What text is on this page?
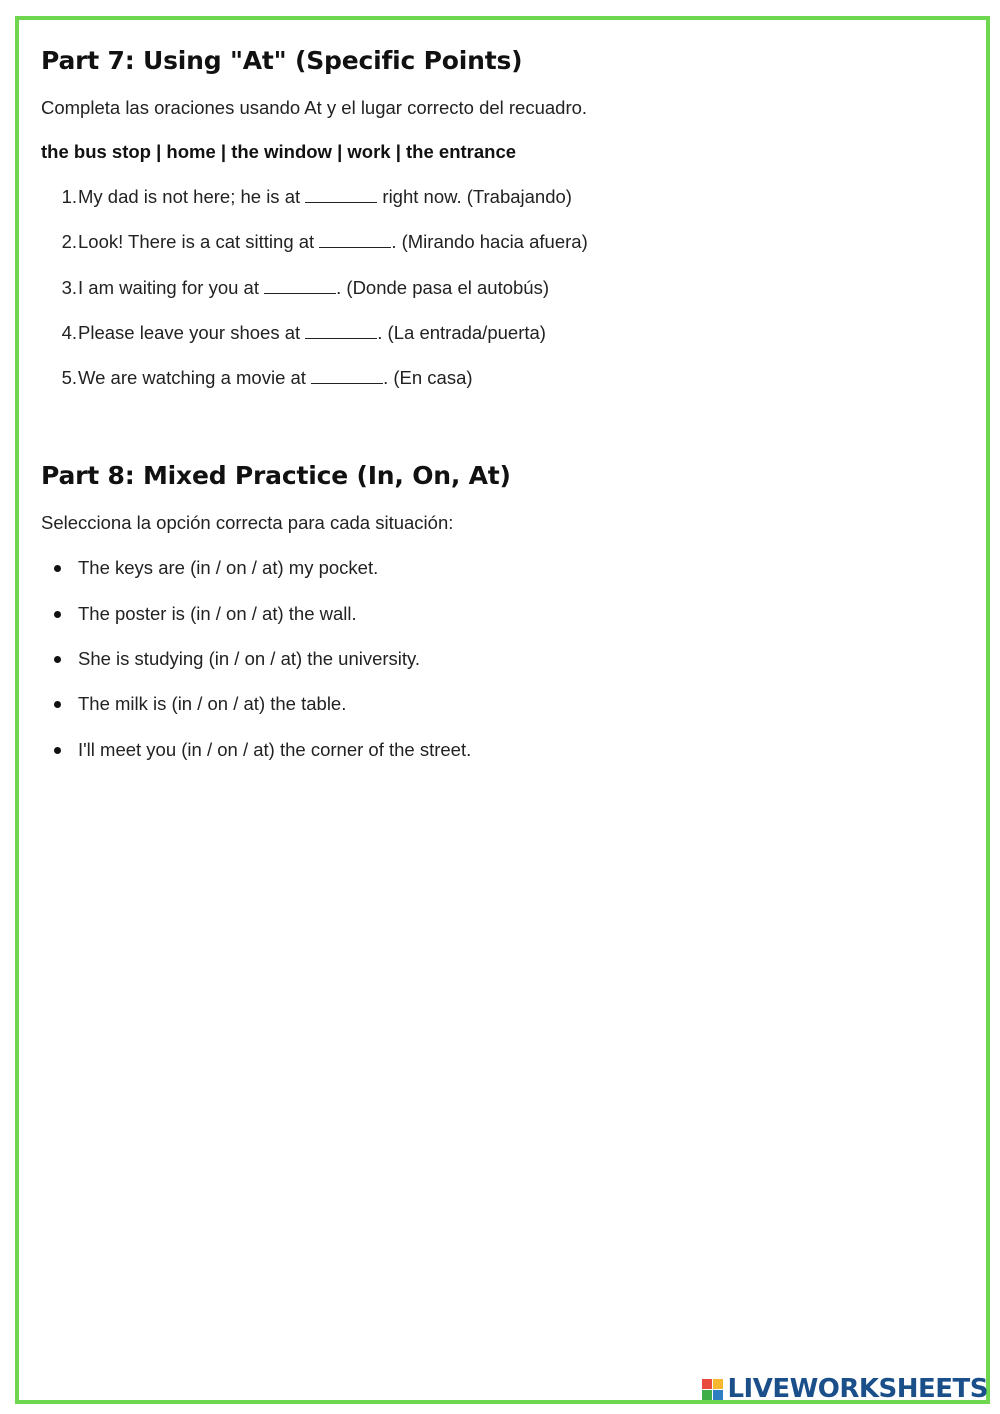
Part 7: Using "At" (Specific Points)

Completa las oraciones usando At y el lugar correcto del recuadro.

the bus stop | home | the window | work | the entrance

1. My dad is not here; he is at	right now. (Trabajando)
2. Look! There is a cat sitting at	. (Mirando hacia afuera)
3. I am waiting for you at	. (Donde pasa el autobús)
4. Please leave your shoes at	. (La entrada/puerta)
5. We are watching a movie at	. (En casa)
Part 8: Mixed Practice (In, On, At)

Selecciona la opción correcta para cada situación:

The keys are (in / on / at) my pocket.
The poster is (in / on / at) the wall.
She is studying (in / on / at) the university.
The milk is (in / on / at) the table.
I'll meet you (in / on / at) the corner of the street.
LIVEWORKSHEETS
